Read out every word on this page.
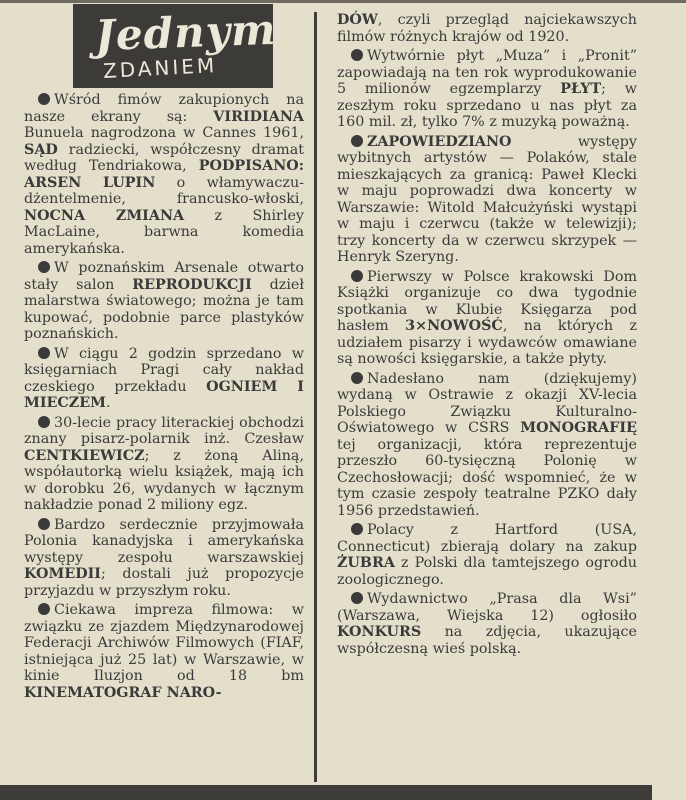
Jednym
ZDANIEM

Wśród fimów zakupionych na nasze ekrany są: VIRIDIANA Bunuela nagrodzona w Cannes 1961, SĄD radziecki, współczesny dramat według Tendriakowa, PODPISANO: ARSEN LUPIN o włamywaczu-dżentelmenie, francusko-włoski, NOCNA ZMIANA z Shirley MacLaine, barwna komedia amerykańska.

W poznańskim Arsenale otwarto stały salon REPRODUKCJI dzieł malarstwa światowego; można je tam kupować, podobnie parce plastyków poznańskich.

W ciągu 2 godzin sprzedano w księgarniach Pragi cały nakład czeskiego przekładu OGNIEM I MIECZEM.

30-lecie pracy literackiej obchodzi znany pisarz-polarnik inż. Czesław CENTKIEWICZ; z żoną Aliną, współautorką wielu książek, mają ich w dorobku 26, wydanych w łącznym nakładzie ponad 2 miliony egz.

Bardzo serdecznie przyjmowała Polonia kanadyjska i amerykańska występy zespołu warszawskiej KOMEDII; dostali już propozycje przyjazdu w przyszłym roku.

Ciekawa impreza filmowa: w związku ze zjazdem Międzynarodowej Federacji Archiwów Filmowych (FIAF, istniejąca już 25 lat) w Warszawie, w kinie Iluzjon od 18 bm KINEMATOGRAF NARO-

DÓW, czyli przegląd najciekawszych filmów różnych krajów od 1920.

Wytwórnie płyt „Muza” i „Pronit” zapowiadają na ten rok wyprodukowanie 5 milionów egzemplarzy PŁYT; w zeszłym roku sprzedano u nas płyt za 160 mil. zł, tylko 7% z muzyką poważną.

ZAPOWIEDZIANO występy wybitnych artystów — Polaków, stale mieszkających za granicą: Paweł Klecki w maju poprowadzi dwa koncerty w Warszawie: Witold Małcużyński wystąpi w maju i czerwcu (także w telewizji); trzy koncerty da w czerwcu skrzypek — Henryk Szeryng.

Pierwszy w Polsce krakowski Dom Książki organizuje co dwa tygodnie spotkania w Klubie Księgarza pod hasłem 3×NOWOŚĆ, na których z udziałem pisarzy i wydawców omawiane są nowości księgarskie, a także płyty.

Nadesłano nam (dziękujemy) wydaną w Ostrawie z okazji XV-lecia Polskiego Związku Kulturalno-Oświatowego w CSRS MONOGRAFIĘ tej organizacji, która reprezentuje przeszło 60-tysięczną Polonię w Czechosłowacji; dość wspomnieć, że w tym czasie zespoły teatralne PZKO dały 1956 przedstawień.

Polacy z Hartford (USA, Connecticut) zbierają dolary na zakup ŻUBRA z Polski dla tamtejszego ogrodu zoologicznego.

Wydawnictwo „Prasa dla Wsi” (Warszawa, Wiejska 12) ogłosiło KONKURS na zdjęcia, ukazujące współczesną wieś polską.
